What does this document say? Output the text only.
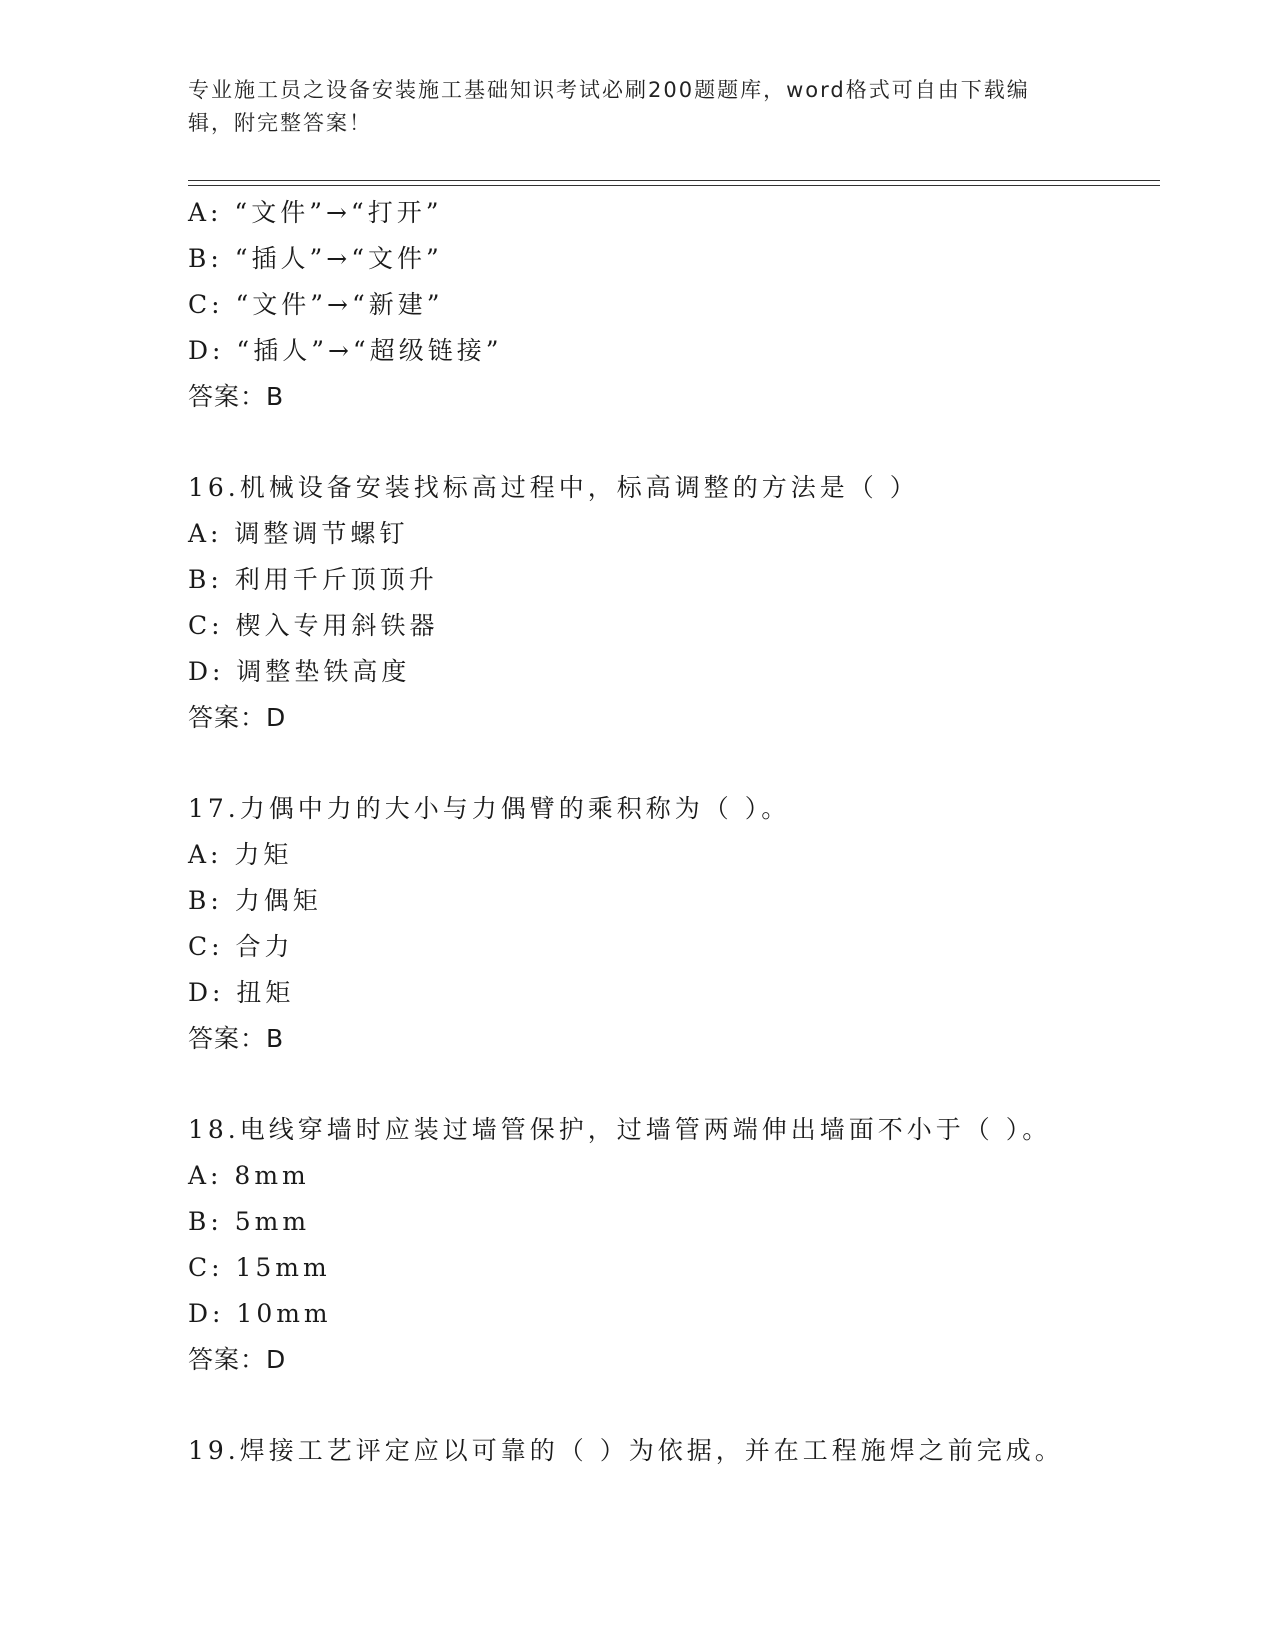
专业施工员之设备安装施工基础知识考试必刷200题题库，word格式可自由下载编辑，附完整答案！
A: “文件”→“打开”
B: “插人”→“文件”
C: “文件”→“新建”
D: “插人”→“超级链接”
答案：B
16.机械设备安装找标高过程中，标高调整的方法是（ ）
A: 调整调节螺钉
B: 利用千斤顶顶升
C: 楔入专用斜铁器
D: 调整垫铁高度
答案：D
17.力偶中力的大小与力偶臂的乘积称为（ ）。
A: 力矩
B: 力偶矩
C: 合力
D: 扭矩
答案：B
18.电线穿墙时应装过墙管保护，过墙管两端伸出墙面不小于（ ）。
A: 8mm
B: 5mm
C: 15mm
D: 10mm
答案：D
19.焊接工艺评定应以可靠的（ ）为依据，并在工程施焊之前完成。
